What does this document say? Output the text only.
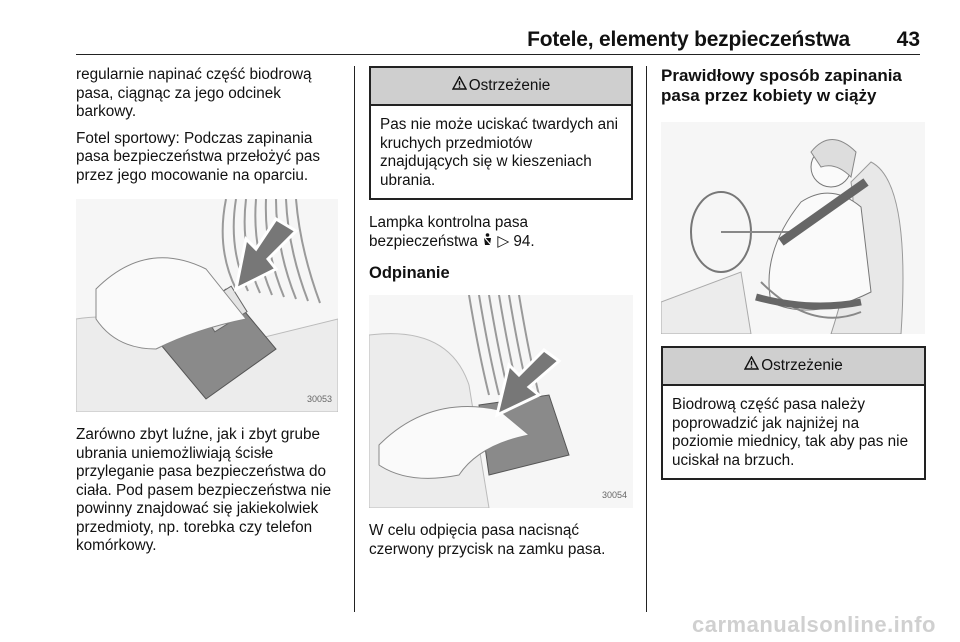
Fotele, elementy bezpieczeństwa 43

regularnie napinać część biodrową pasa, ciągnąc za jego odcinek barkowy.

Fotel sportowy: Podczas zapinania pasa bezpieczeństwa przełożyć pas przez jego mocowanie na oparciu.

30053

Zarówno zbyt luźne, jak i zbyt grube ubrania uniemożliwiają ścisłe przyleganie pasa bezpieczeństwa do ciała. Pod pasem bezpieczeństwa nie powinny znajdować się jakiekolwiek przedmioty, np. torebka czy telefon komórkowy.

Ostrzeżenie
Pas nie może uciskać twardych ani kruchych przedmiotów znajdujących się w kieszeniach ubrania.

Lampka kontrolna pasa bezpieczeństwa ▷ 94.

Odpinanie
30054

W celu odpięcia pasa nacisnąć czerwony przycisk na zamku pasa.

Prawidłowy sposób zapinania pasa przez kobiety w ciąży
Ostrzeżenie
Biodrową część pasa należy poprowadzić jak najniżej na poziomie miednicy, tak aby pas nie uciskał na brzuch.
carmanualsonline.info
